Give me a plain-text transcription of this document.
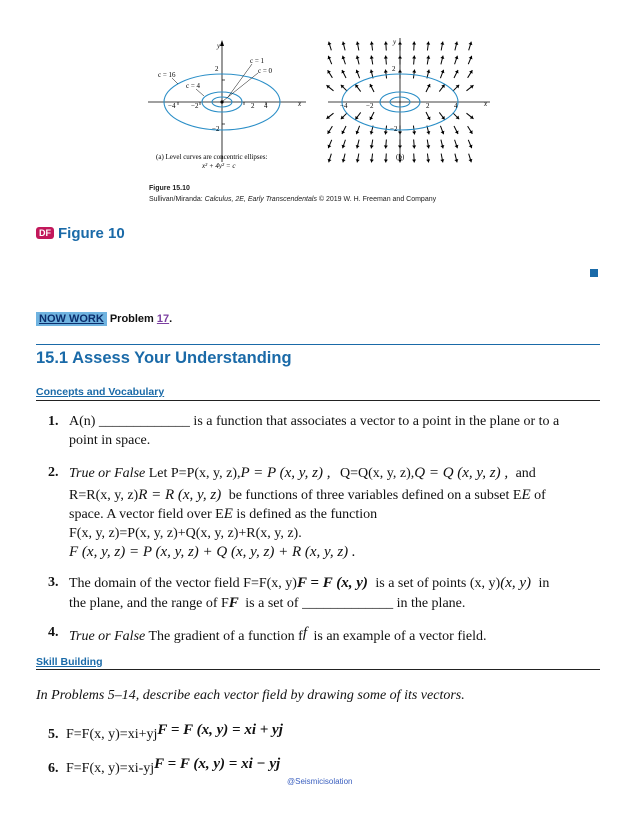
−4 −2	2 4
2
−2
y
x
c = 16
c = 4
c = 1
c = 0
(a) Level curves are concentric ellipses:
x² + 4y² = c
−4	−2	2	4
2
−2
y
x
(b)
Figure 15.10
Sullivan/Miranda: Calculus, 2E, Early Transcendentals © 2019 W. H. Freeman and Company
DF Figure 10
NOW WORK Problem 17.
15.1 Assess Your Understanding
Concepts and Vocabulary
1. A(n) _____________ is a function that associates a vector to a point in the plane or to a
point in space.
2. True or False Let P=P(x, y, z),P = P (x, y, z) , Q=Q(x, y, z),Q = Q (x, y, z) , and
R=R(x, y, z)R = R (x, y, z) be functions of three variables defined on a subset EE of
space. A vector field over EE is defined as the function
F(x, y, z)=P(x, y, z)+Q(x, y, z)+R(x, y, z).
F (x, y, z) = P (x, y, z) + Q (x, y, z) + R (x, y, z) .
3. The domain of the vector field F=F(x, y)F = F (x, y) is a set of points (x, y)(x, y) in
the plane, and the range of FF is a set of _____________ in the plane.
4. True or False The gradient of a function ff is an example of a vector field.
Skill Building
In Problems 5–14, describe each vector field by drawing some of its vectors.
5. F=F(x, y)=xi+yjF = F (x, y) = xi + yj
6. F=F(x, y)=xi-yjF = F (x, y) = xi − yj
@Seismicisolation
